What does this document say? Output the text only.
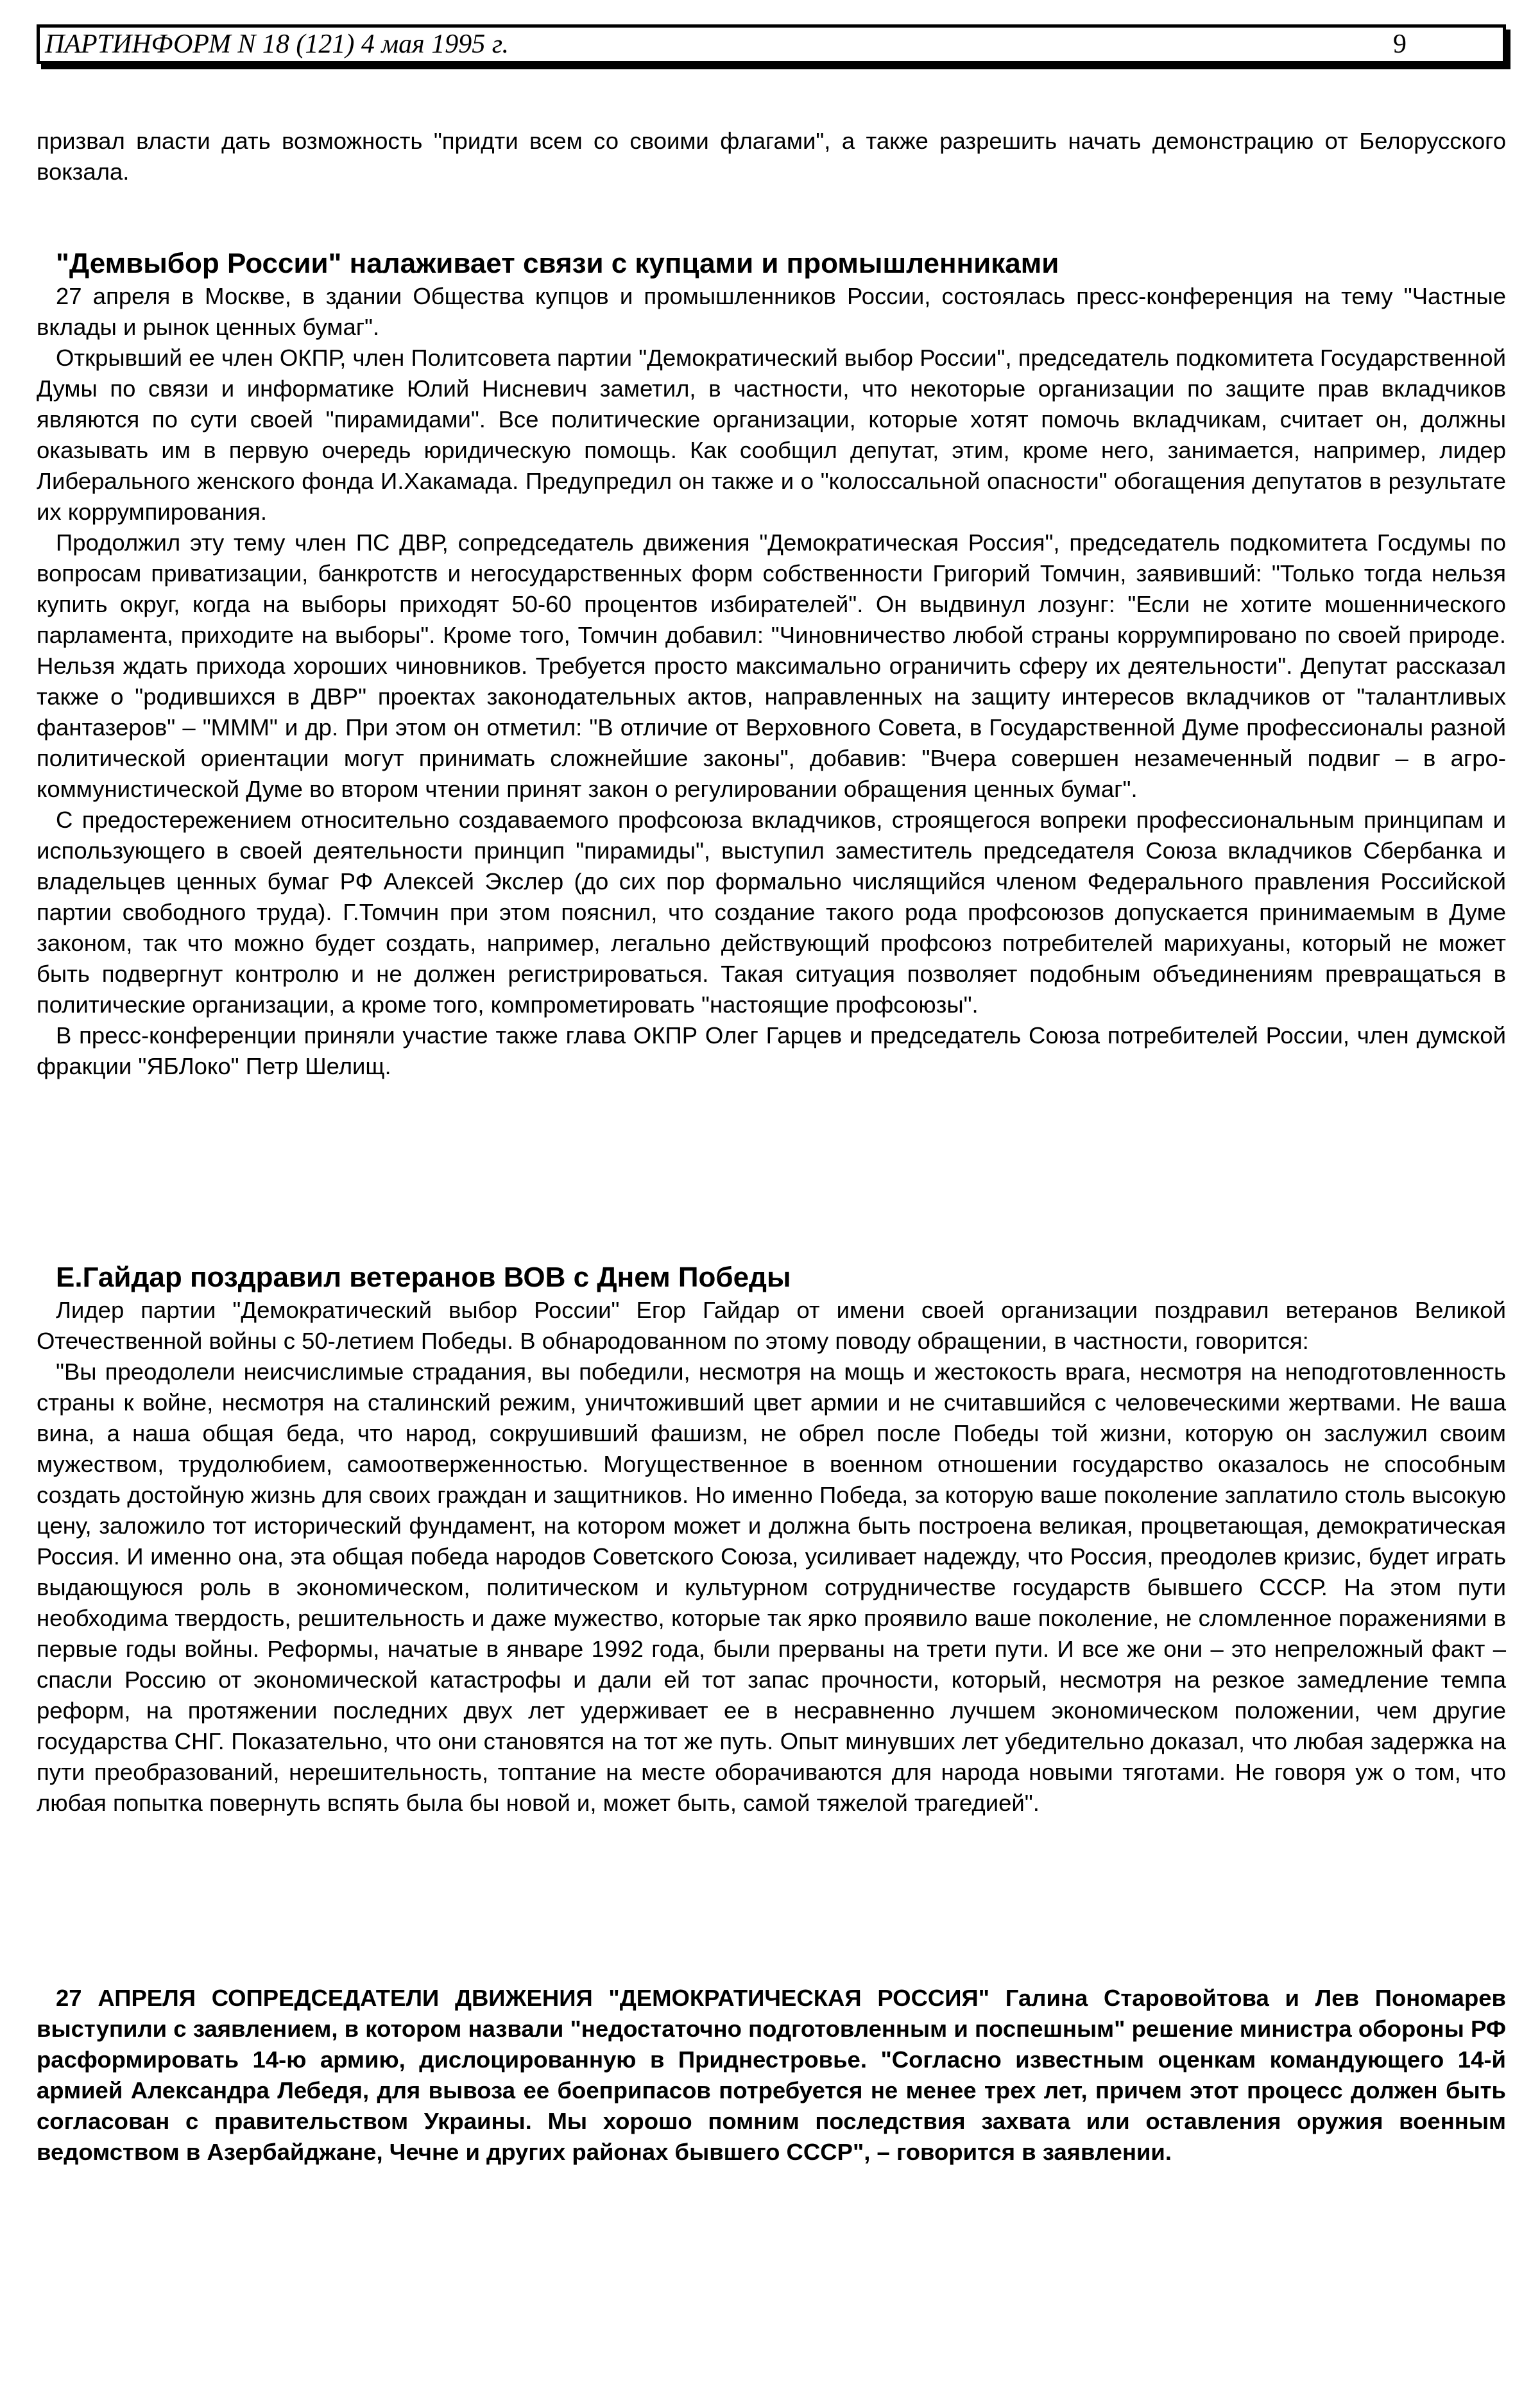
ПАРТИНФОРМ N 18 (121) 4 мая 1995 г.	9

призвал власти дать возможность "придти всем со своими флагами", а также разрешить начать демонстрацию от Белорусского вокзала.

"Демвыбор России" налаживает связи с купцами и промышленниками

27 апреля в Москве, в здании Общества купцов и промышленников России, состоялась пресс-конференция на тему "Частные вклады и рынок ценных бумаг".

Открывший ее член ОКПР, член Политсовета партии "Демократический выбор России", председатель подкомитета Государственной Думы по связи и информатике Юлий Нисневич заметил, в частности, что некоторые организации по защите прав вкладчиков являются по сути своей "пирамидами". Все политические организации, которые хотят помочь вкладчикам, считает он, должны оказывать им в первую очередь юридическую помощь. Как сообщил депутат, этим, кроме него, занимается, например, лидер Либерального женского фонда И.Хакамада. Предупредил он также и о "колоссальной опасности" обогащения депутатов в результате их коррумпирования.

Продолжил эту тему член ПС ДВР, сопредседатель движения "Демократическая Россия", председатель подкомитета Госдумы по вопросам приватизации, банкротств и негосударственных форм собственности Григорий Томчин, заявивший: "Только тогда нельзя купить округ, когда на выборы приходят 50-60 процентов избирателей". Он выдвинул лозунг: "Если не хотите мошеннического парламента, приходите на выборы". Кроме того, Томчин добавил: "Чиновничество любой страны коррумпировано по своей природе. Нельзя ждать прихода хороших чиновников. Требуется просто максимально ограничить сферу их деятельности". Депутат рассказал также о "родившихся в ДВР" проектах законодательных актов, направленных на защиту интересов вкладчиков от "талантливых фантазеров" – "МММ" и др. При этом он отметил: "В отличие от Верховного Совета, в Государственной Думе профессионалы разной политической ориентации могут принимать сложнейшие законы", добавив: "Вчера совершен незамеченный подвиг – в агро-коммунистической Думе во втором чтении принят закон о регулировании обращения ценных бумаг".

С предостережением относительно создаваемого профсоюза вкладчиков, строящегося вопреки профессиональным принципам и использующего в своей деятельности принцип "пирамиды", выступил заместитель председателя Союза вкладчиков Сбербанка и владельцев ценных бумаг РФ Алексей Экслер (до сих пор формально числящийся членом Федерального правления Российской партии свободного труда). Г.Томчин при этом пояснил, что создание такого рода профсоюзов допускается принимаемым в Думе законом, так что можно будет создать, например, легально действующий профсоюз потребителей марихуаны, который не может быть подвергнут контролю и не должен регистрироваться. Такая ситуация позволяет подобным объединениям превращаться в политические организации, а кроме того, компрометировать "настоящие профсоюзы".

В пресс-конференции приняли участие также глава ОКПР Олег Гарцев и председатель Союза потребителей России, член думской фракции "ЯБЛоко" Петр Шелищ.

Е.Гайдар поздравил ветеранов ВОВ с Днем Победы

Лидер партии "Демократический выбор России" Егор Гайдар от имени своей организации поздравил ветеранов Великой Отечественной войны с 50-летием Победы. В обнародованном по этому поводу обращении, в частности, говорится:

"Вы преодолели неисчислимые страдания, вы победили, несмотря на мощь и жестокость врага, несмотря на неподготовленность страны к войне, несмотря на сталинский режим, уничтоживший цвет армии и не считавшийся с человеческими жертвами. Не ваша вина, а наша общая беда, что народ, сокрушивший фашизм, не обрел после Победы той жизни, которую он заслужил своим мужеством, трудолюбием, самоотверженностью. Могущественное в военном отношении государство оказалось не способным создать достойную жизнь для своих граждан и защитников. Но именно Победа, за которую ваше поколение заплатило столь высокую цену, заложило тот исторический фундамент, на котором может и должна быть построена великая, процветающая, демократическая Россия. И именно она, эта общая победа народов Советского Союза, усиливает надежду, что Россия, преодолев кризис, будет играть выдающуюся роль в экономическом, политическом и культурном сотрудничестве государств бывшего СССР. На этом пути необходима твердость, решительность и даже мужество, которые так ярко проявило ваше поколение, не сломленное поражениями в первые годы войны. Реформы, начатые в январе 1992 года, были прерваны на трети пути. И все же они – это непреложный факт – спасли Россию от экономической катастрофы и дали ей тот запас прочности, который, несмотря на резкое замедление темпа реформ, на протяжении последних двух лет удерживает ее в несравненно лучшем экономическом положении, чем другие государства СНГ. Показательно, что они становятся на тот же путь. Опыт минувших лет убедительно доказал, что любая задержка на пути преобразований, нерешительность, топтание на месте оборачиваются для народа новыми тяготами. Не говоря уж о том, что любая попытка повернуть вспять была бы новой и, может быть, самой тяжелой трагедией".

27 АПРЕЛЯ СОПРЕДСЕДАТЕЛИ ДВИЖЕНИЯ "ДЕМОКРАТИЧЕСКАЯ РОССИЯ" Галина Старовойтова и Лев Пономарев выступили с заявлением, в котором назвали "недостаточно подготовленным и поспешным" решение министра обороны РФ расформировать 14-ю армию, дислоцированную в Приднестровье. "Согласно известным оценкам командующего 14-й армией Александра Лебедя, для вывоза ее боеприпасов потребуется не менее трех лет, причем этот процесс должен быть согласован с правительством Украины. Мы хорошо помним последствия захвата или оставления оружия военным ведомством в Азербайджане, Чечне и других районах бывшего СССР", – говорится в заявлении.
